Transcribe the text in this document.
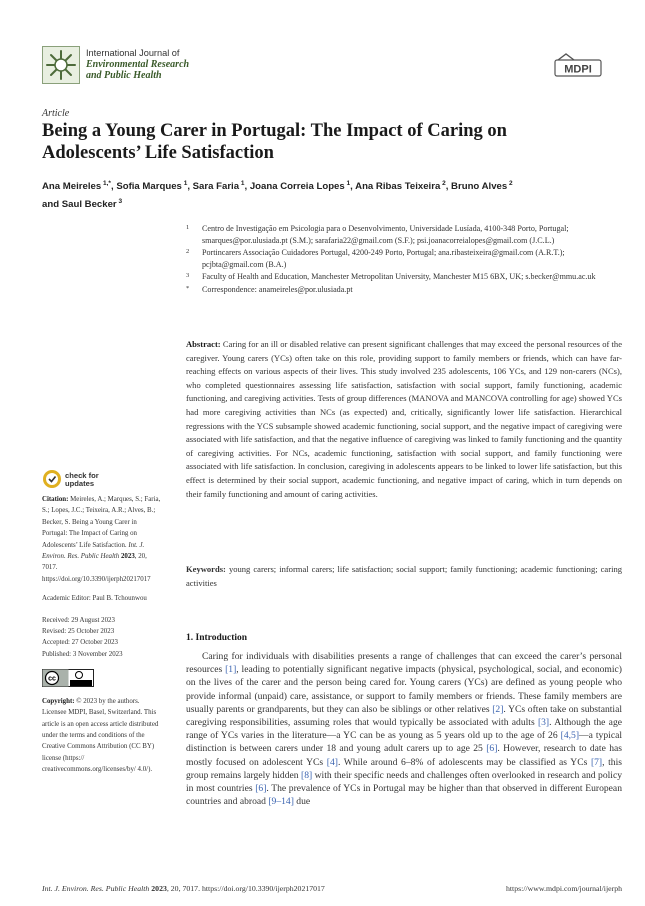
International Journal of
Environmental Research
and Public Health	MDPI
Article
Being a Young Carer in Portugal: The Impact of Caring on Adolescents’ Life Satisfaction
Ana Meireles $^{1,*}$, Sofia Marques $^1$, Sara Faria $^1$, Joana Correia Lopes $^1$, Ana Ribas Teixeira $^2$, Bruno Alves $^2$
and Saul Becker $^3$
1 Centro de Investigação em Psicologia para o Desenvolvimento, Universidade Lusíada, 4100-348 Porto, Portugal; smarques@por.ulusiada.pt (S.M.); sarafaria22@gmail.com (S.F.); psi.joanacorreialopes@gmail.com (J.C.L.)
2 Portincarers Associação Cuidadores Portugal, 4200-249 Porto, Portugal; ana.ribasteixeira@gmail.com (A.R.T.); pcjbta@gmail.com (B.A.)
3 Faculty of Health and Education, Manchester Metropolitan University, Manchester M15 6BX, UK; s.becker@mmu.ac.uk
* Correspondence: anameireles@por.ulusiada.pt
Abstract: Caring for an ill or disabled relative can present significant challenges that may exceed the personal resources of the caregiver. Young carers (YCs) often take on this role, providing support to family members or friends, which can have far-reaching effects on various aspects of their lives. This study involved 235 adolescents, 106 YCs, and 129 non-carers (NCs), who completed questionnaires assessing life satisfaction, satisfaction with social support, family functioning, academic functioning, and caregiving activities. Tests of group differences (MANOVA and MANCOVA controlling for age) showed YCs had more caregiving activities than NCs (as expected) and, critically, significantly lower life satisfaction. Hierarchical regressions with the YCS subsample showed academic functioning, social support, and the negative impact of caregiving were associated with life satisfaction, and that the negative influence of caregiving was linked to family functioning and the quantity of caregiving activities. For NCs, academic functioning, satisfaction with social support, and family functioning were associated with life satisfaction. In conclusion, caregiving in adolescents appears to be linked to lower life satisfaction, but this effect is determined by their social support, academic functioning, and negative impact of caring, which in turn depends on their family functioning and amount of caring activities.
Keywords: young carers; informal carers; life satisfaction; social support; family functioning; academic functioning; caring activities
check for
updates
Citation: Meireles, A.; Marques, S.; Faria, S.; Lopes, J.C.; Teixeira, A.R.; Alves, B.; Becker, S. Being a Young Carer in Portugal: The Impact of Caring on Adolescents’ Life Satisfaction. Int. J. Environ. Res. Public Health 2023, 20, 7017. https://doi.org/10.3390/ijerph20217017
Academic Editor: Paul B. Tchounwou
Received: 29 August 2023
Revised: 25 October 2023
Accepted: 27 October 2023
Published: 3 November 2023
cc
Copyright: © 2023 by the authors. Licensee MDPI, Basel, Switzerland. This article is an open access article distributed under the terms and conditions of the Creative Commons Attribution (CC BY) license (https:// creativecommons.org/licenses/by/ 4.0/).
1. Introduction
Caring for individuals with disabilities presents a range of challenges that can exceed the carer’s personal resources [1], leading to potentially significant negative impacts (physical, psychological, social, and economic) on the lives of the carer and the person being cared for. Young carers (YCs) are defined as young people who provide informal (unpaid) care, assistance, or support to family members or friends. These family members are usually parents or grandparents, but they can also be siblings or other relatives [2]. YCs often take on substantial caregiving responsibilities, assuming roles that would typically be associated with adults [3]. Although the age range of YCs varies in the literature—a YC can be as young as 5 years old up to the age of 26 [4,5]—a typical distinction is between carers under 18 and young adult carers up to age 25 [6]. However, research to date has mostly focused on adolescent YCs [4]. While around 6–8% of adolescents may be classified as YCs [7], this group remains largely hidden [8] with their specific needs and challenges often overlooked in research and policy in most countries [6]. The prevalence of YCs in Portugal may be higher than that observed in different European countries and abroad [9–14] due
Int. J. Environ. Res. Public Health 2023, 20, 7017. https://doi.org/10.3390/ijerph20217017	https://www.mdpi.com/journal/ijerph
